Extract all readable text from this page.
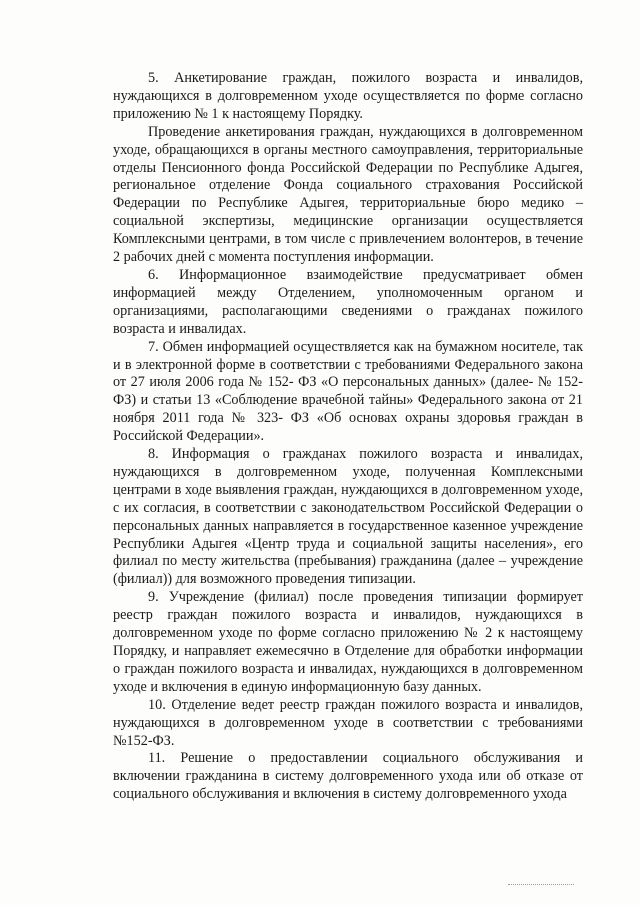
5. Анкетирование граждан, пожилого возраста и инвалидов, нуждающихся в долговременном уходе осуществляется по форме согласно приложению № 1 к настоящему Порядку.

Проведение анкетирования граждан, нуждающихся в долговременном уходе, обращающихся в органы местного самоуправления, территориальные отделы Пенсионного фонда Российской Федерации по Республике Адыгея, региональное отделение Фонда социального страхования Российской Федерации по Республике Адыгея, территориальные бюро медико – социальной экспертизы, медицинские организации осуществляется Комплексными центрами, в том числе с привлечением волонтеров, в течение 2 рабочих дней с момента поступления информации.

6. Информационное взаимодействие предусматривает обмен информацией между Отделением, уполномоченным органом и организациями, располагающими сведениями о гражданах пожилого возраста и инвалидах.

7. Обмен информацией осуществляется как на бумажном носителе, так и в электронной форме в соответствии с требованиями Федерального закона от 27 июля 2006 года № 152- ФЗ «О персональных данных» (далее- № 152- ФЗ) и статьи 13 «Соблюдение врачебной тайны» Федерального закона от 21 ноября 2011 года № 323- ФЗ «Об основах охраны здоровья граждан в Российской Федерации».

8. Информация о гражданах пожилого возраста и инвалидах, нуждающихся в долговременном уходе, полученная Комплексными центрами в ходе выявления граждан, нуждающихся в долговременном уходе, с их согласия, в соответствии с законодательством Российской Федерации о персональных данных направляется в государственное казенное учреждение Республики Адыгея «Центр труда и социальной защиты населения», его филиал по месту жительства (пребывания) гражданина (далее – учреждение (филиал)) для возможного проведения типизации.

9. Учреждение (филиал) после проведения типизации формирует реестр граждан пожилого возраста и инвалидов, нуждающихся в долговременном уходе по форме согласно приложению № 2 к настоящему Порядку, и направляет ежемесячно в Отделение для обработки информации о граждан пожилого возраста и инвалидах, нуждающихся в долговременном уходе и включения в единую информационную базу данных.

10. Отделение ведет реестр граждан пожилого возраста и инвалидов, нуждающихся в долговременном уходе в соответствии с требованиями №152-ФЗ.

11. Решение о предоставлении социального обслуживания и включении гражданина в систему долговременного ухода или об отказе от социального обслуживания и включения в систему долговременного ухода
